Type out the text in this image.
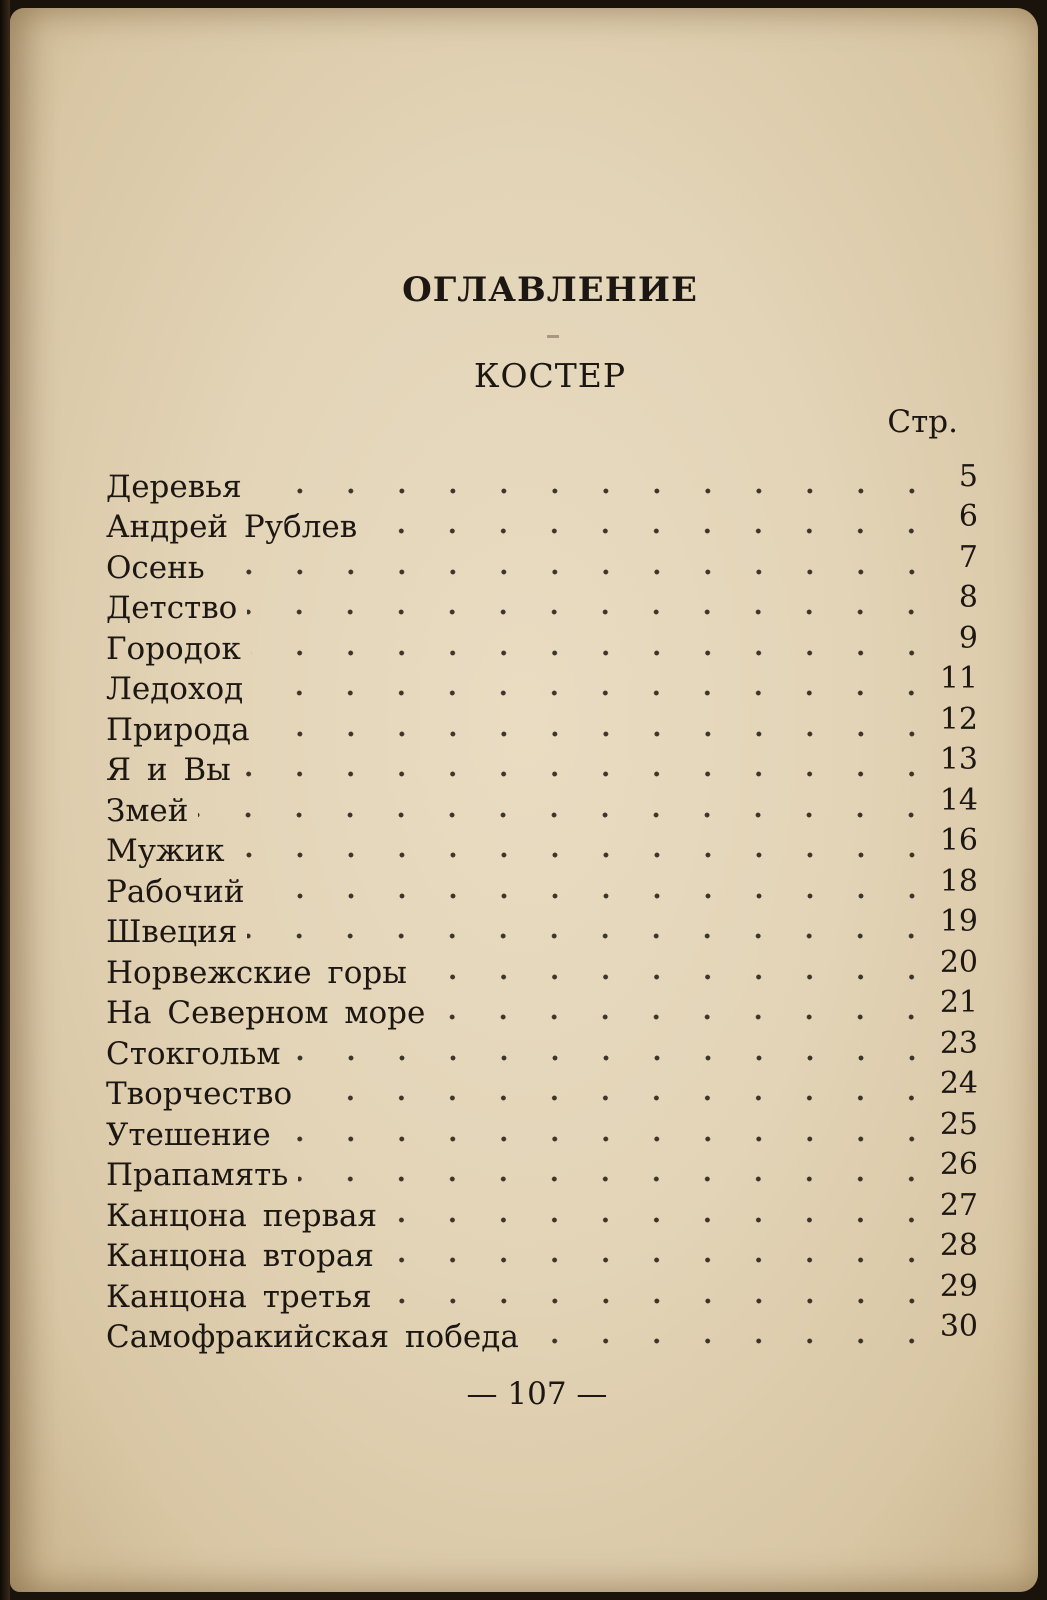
ОГЛАВЛЕНИЕ
КОСТЕР

Стр.

Деревья	5
Андрей Рублев	6
Осень	7
Детство	8
Городок	9
Ледоход	11
Природа	12
Я и Вы	13
Змей	14
Мужик	16
Рабочий	18
Швеция	19
Норвежские горы	20
На Северном море	21
Стокгольм	23
Творчество	24
Утешение	25
Прапамять	26
Канцона первая	27
Канцона вторая	28
Канцона третья	29
Самофракийская победа	30

— 107 —
